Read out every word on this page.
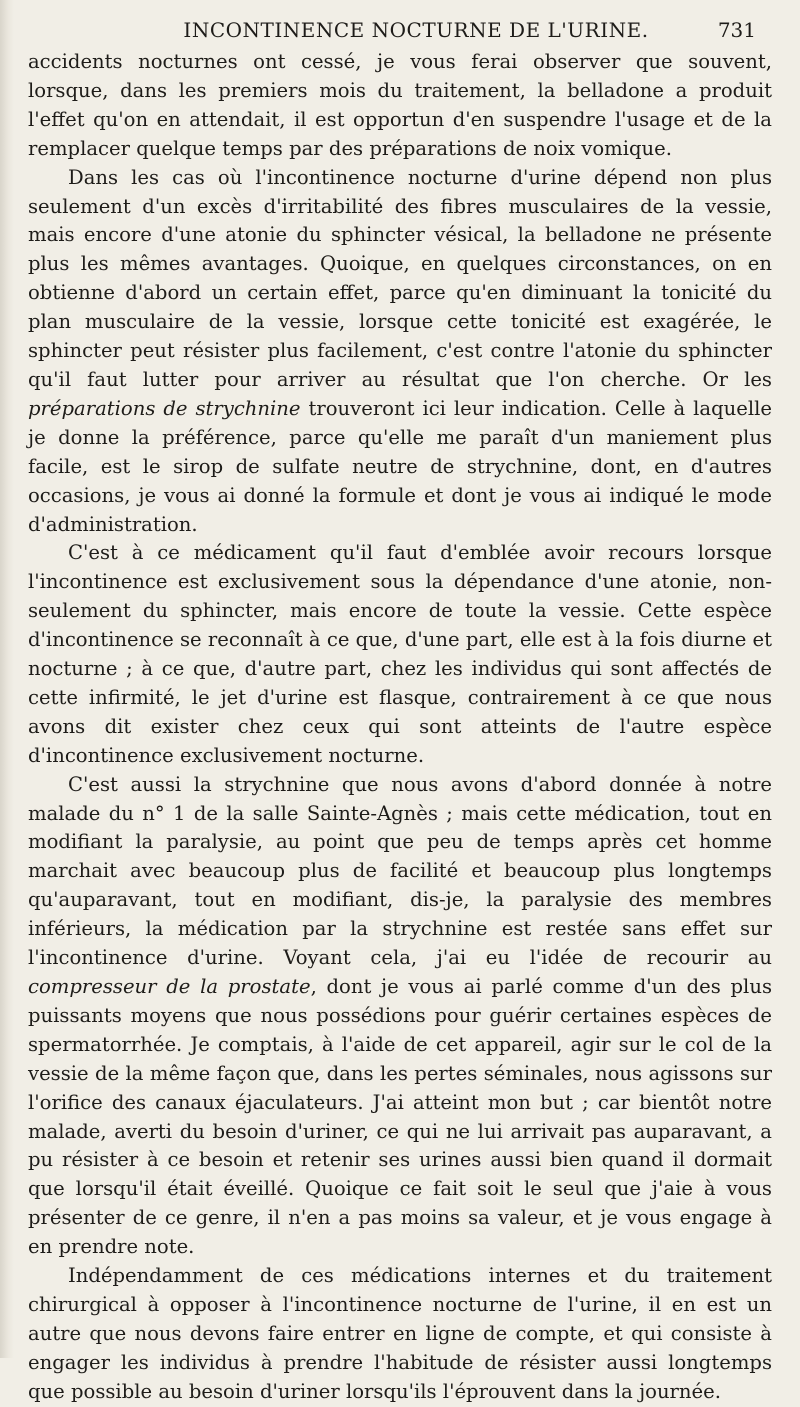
INCONTINENCE NOCTURNE DE L'URINE.	731

accidents nocturnes ont cessé, je vous ferai observer que souvent, lorsque, dans les premiers mois du traitement, la belladone a produit l'effet qu'on en attendait, il est opportun d'en suspendre l'usage et de la remplacer quelque temps par des préparations de noix vomique.

Dans les cas où l'incontinence nocturne d'urine dépend non plus seulement d'un excès d'irritabilité des fibres musculaires de la vessie, mais encore d'une atonie du sphincter vésical, la belladone ne présente plus les mêmes avantages. Quoique, en quelques circonstances, on en obtienne d'abord un certain effet, parce qu'en diminuant la tonicité du plan musculaire de la vessie, lorsque cette tonicité est exagérée, le sphincter peut résister plus facilement, c'est contre l'atonie du sphincter qu'il faut lutter pour arriver au résultat que l'on cherche. Or les préparations de strychnine trouveront ici leur indication. Celle à laquelle je donne la préférence, parce qu'elle me paraît d'un maniement plus facile, est le sirop de sulfate neutre de strychnine, dont, en d'autres occasions, je vous ai donné la formule et dont je vous ai indiqué le mode d'administration.

C'est à ce médicament qu'il faut d'emblée avoir recours lorsque l'incontinence est exclusivement sous la dépendance d'une atonie, non-seulement du sphincter, mais encore de toute la vessie. Cette espèce d'incontinence se reconnaît à ce que, d'une part, elle est à la fois diurne et nocturne ; à ce que, d'autre part, chez les individus qui sont affectés de cette infirmité, le jet d'urine est flasque, contrairement à ce que nous avons dit exister chez ceux qui sont atteints de l'autre espèce d'incontinence exclusivement nocturne.

C'est aussi la strychnine que nous avons d'abord donnée à notre malade du n° 1 de la salle Sainte-Agnès ; mais cette médication, tout en modifiant la paralysie, au point que peu de temps après cet homme marchait avec beaucoup plus de facilité et beaucoup plus longtemps qu'auparavant, tout en modifiant, dis-je, la paralysie des membres inférieurs, la médication par la strychnine est restée sans effet sur l'incontinence d'urine. Voyant cela, j'ai eu l'idée de recourir au compresseur de la prostate, dont je vous ai parlé comme d'un des plus puissants moyens que nous possédions pour guérir certaines espèces de spermatorrhée. Je comptais, à l'aide de cet appareil, agir sur le col de la vessie de la même façon que, dans les pertes séminales, nous agissons sur l'orifice des canaux éjaculateurs. J'ai atteint mon but ; car bientôt notre malade, averti du besoin d'uriner, ce qui ne lui arrivait pas auparavant, a pu résister à ce besoin et retenir ses urines aussi bien quand il dormait que lorsqu'il était éveillé. Quoique ce fait soit le seul que j'aie à vous présenter de ce genre, il n'en a pas moins sa valeur, et je vous engage à en prendre note.

Indépendamment de ces médications internes et du traitement chirurgical à opposer à l'incontinence nocturne de l'urine, il en est un autre que nous devons faire entrer en ligne de compte, et qui consiste à engager les individus à prendre l'habitude de résister aussi longtemps que possible au besoin d'uriner lorsqu'ils l'éprouvent dans la journée.
